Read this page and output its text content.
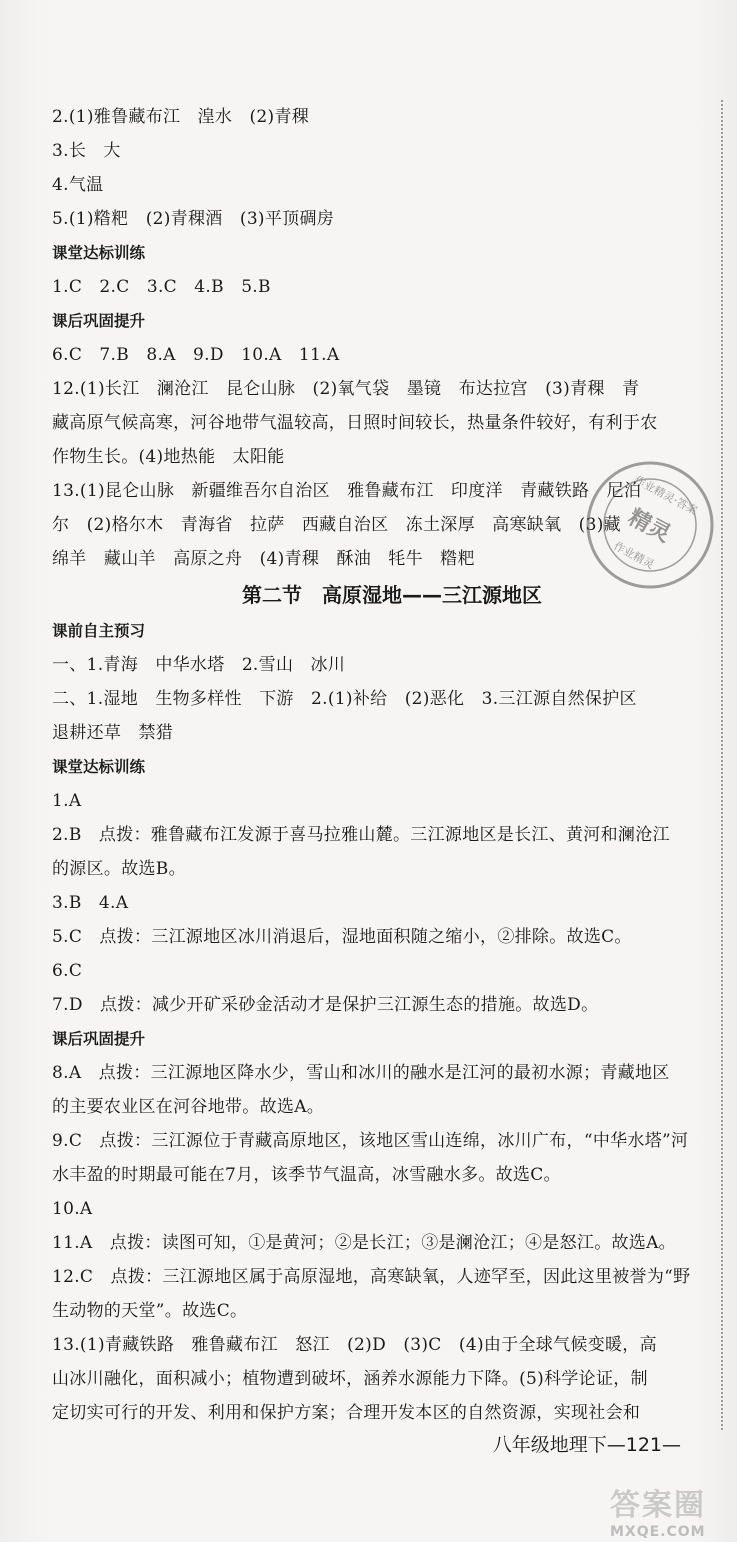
2.(1)雅鲁藏布江　湟水　(2)青稞
3.长　大
4.气温
5.(1)糌粑　(2)青稞酒　(3)平顶碉房
课堂达标训练
1.C　2.C　3.C　4.B　5.B
课后巩固提升
6.C　7.B　8.A　9.D　10.A　11.A
12.(1)长江　澜沧江　昆仑山脉　(2)氧气袋　墨镜　布达拉宫　(3)青稞　青
藏高原气候高寒，河谷地带气温较高，日照时间较长，热量条件较好，有利于农
作物生长。(4)地热能　太阳能
13.(1)昆仑山脉　新疆维吾尔自治区　雅鲁藏布江　印度洋　青藏铁路　尼泊
尔　(2)格尔木　青海省　拉萨　西藏自治区　冻土深厚　高寒缺氧　(3)藏
绵羊　藏山羊　高原之舟　(4)青稞　酥油　牦牛　糌粑
第二节　高原湿地——三江源地区
课前自主预习
一、1.青海　中华水塔　2.雪山　冰川
二、1.湿地　生物多样性　下游　2.(1)补给　(2)恶化　3.三江源自然保护区
退耕还草　禁猎
课堂达标训练
1.A
2.B　点拨：雅鲁藏布江发源于喜马拉雅山麓。三江源地区是长江、黄河和澜沧江
的源区。故选B。
3.B　4.A
5.C　点拨：三江源地区冰川消退后，湿地面积随之缩小，②排除。故选C。
6.C
7.D　点拨：减少开矿采砂金活动才是保护三江源生态的措施。故选D。
课后巩固提升
8.A　点拨：三江源地区降水少，雪山和冰川的融水是江河的最初水源；青藏地区
的主要农业区在河谷地带。故选A。
9.C　点拨：三江源位于青藏高原地区，该地区雪山连绵，冰川广布，“中华水塔”河
水丰盈的时期最可能在7月，该季节气温高，冰雪融水多。故选C。
10.A
11.A　点拨：读图可知，①是黄河；②是长江；③是澜沧江；④是怒江。故选A。
12.C　点拨：三江源地区属于高原湿地，高寒缺氧，人迹罕至，因此这里被誉为“野
生动物的天堂”。故选C。
13.(1)青藏铁路　雅鲁藏布江　怒江　(2)D　(3)C　(4)由于全球气候变暖，高
山冰川融化，面积减小；植物遭到破坏，涵养水源能力下降。(5)科学论证，制
定切实可行的开发、利用和保护方案；合理开发本区的自然资源，实现社会和
精灵
作业精灵
作业精灵·答案
八年级地理下—121—
答案圈
MXQE.COM
